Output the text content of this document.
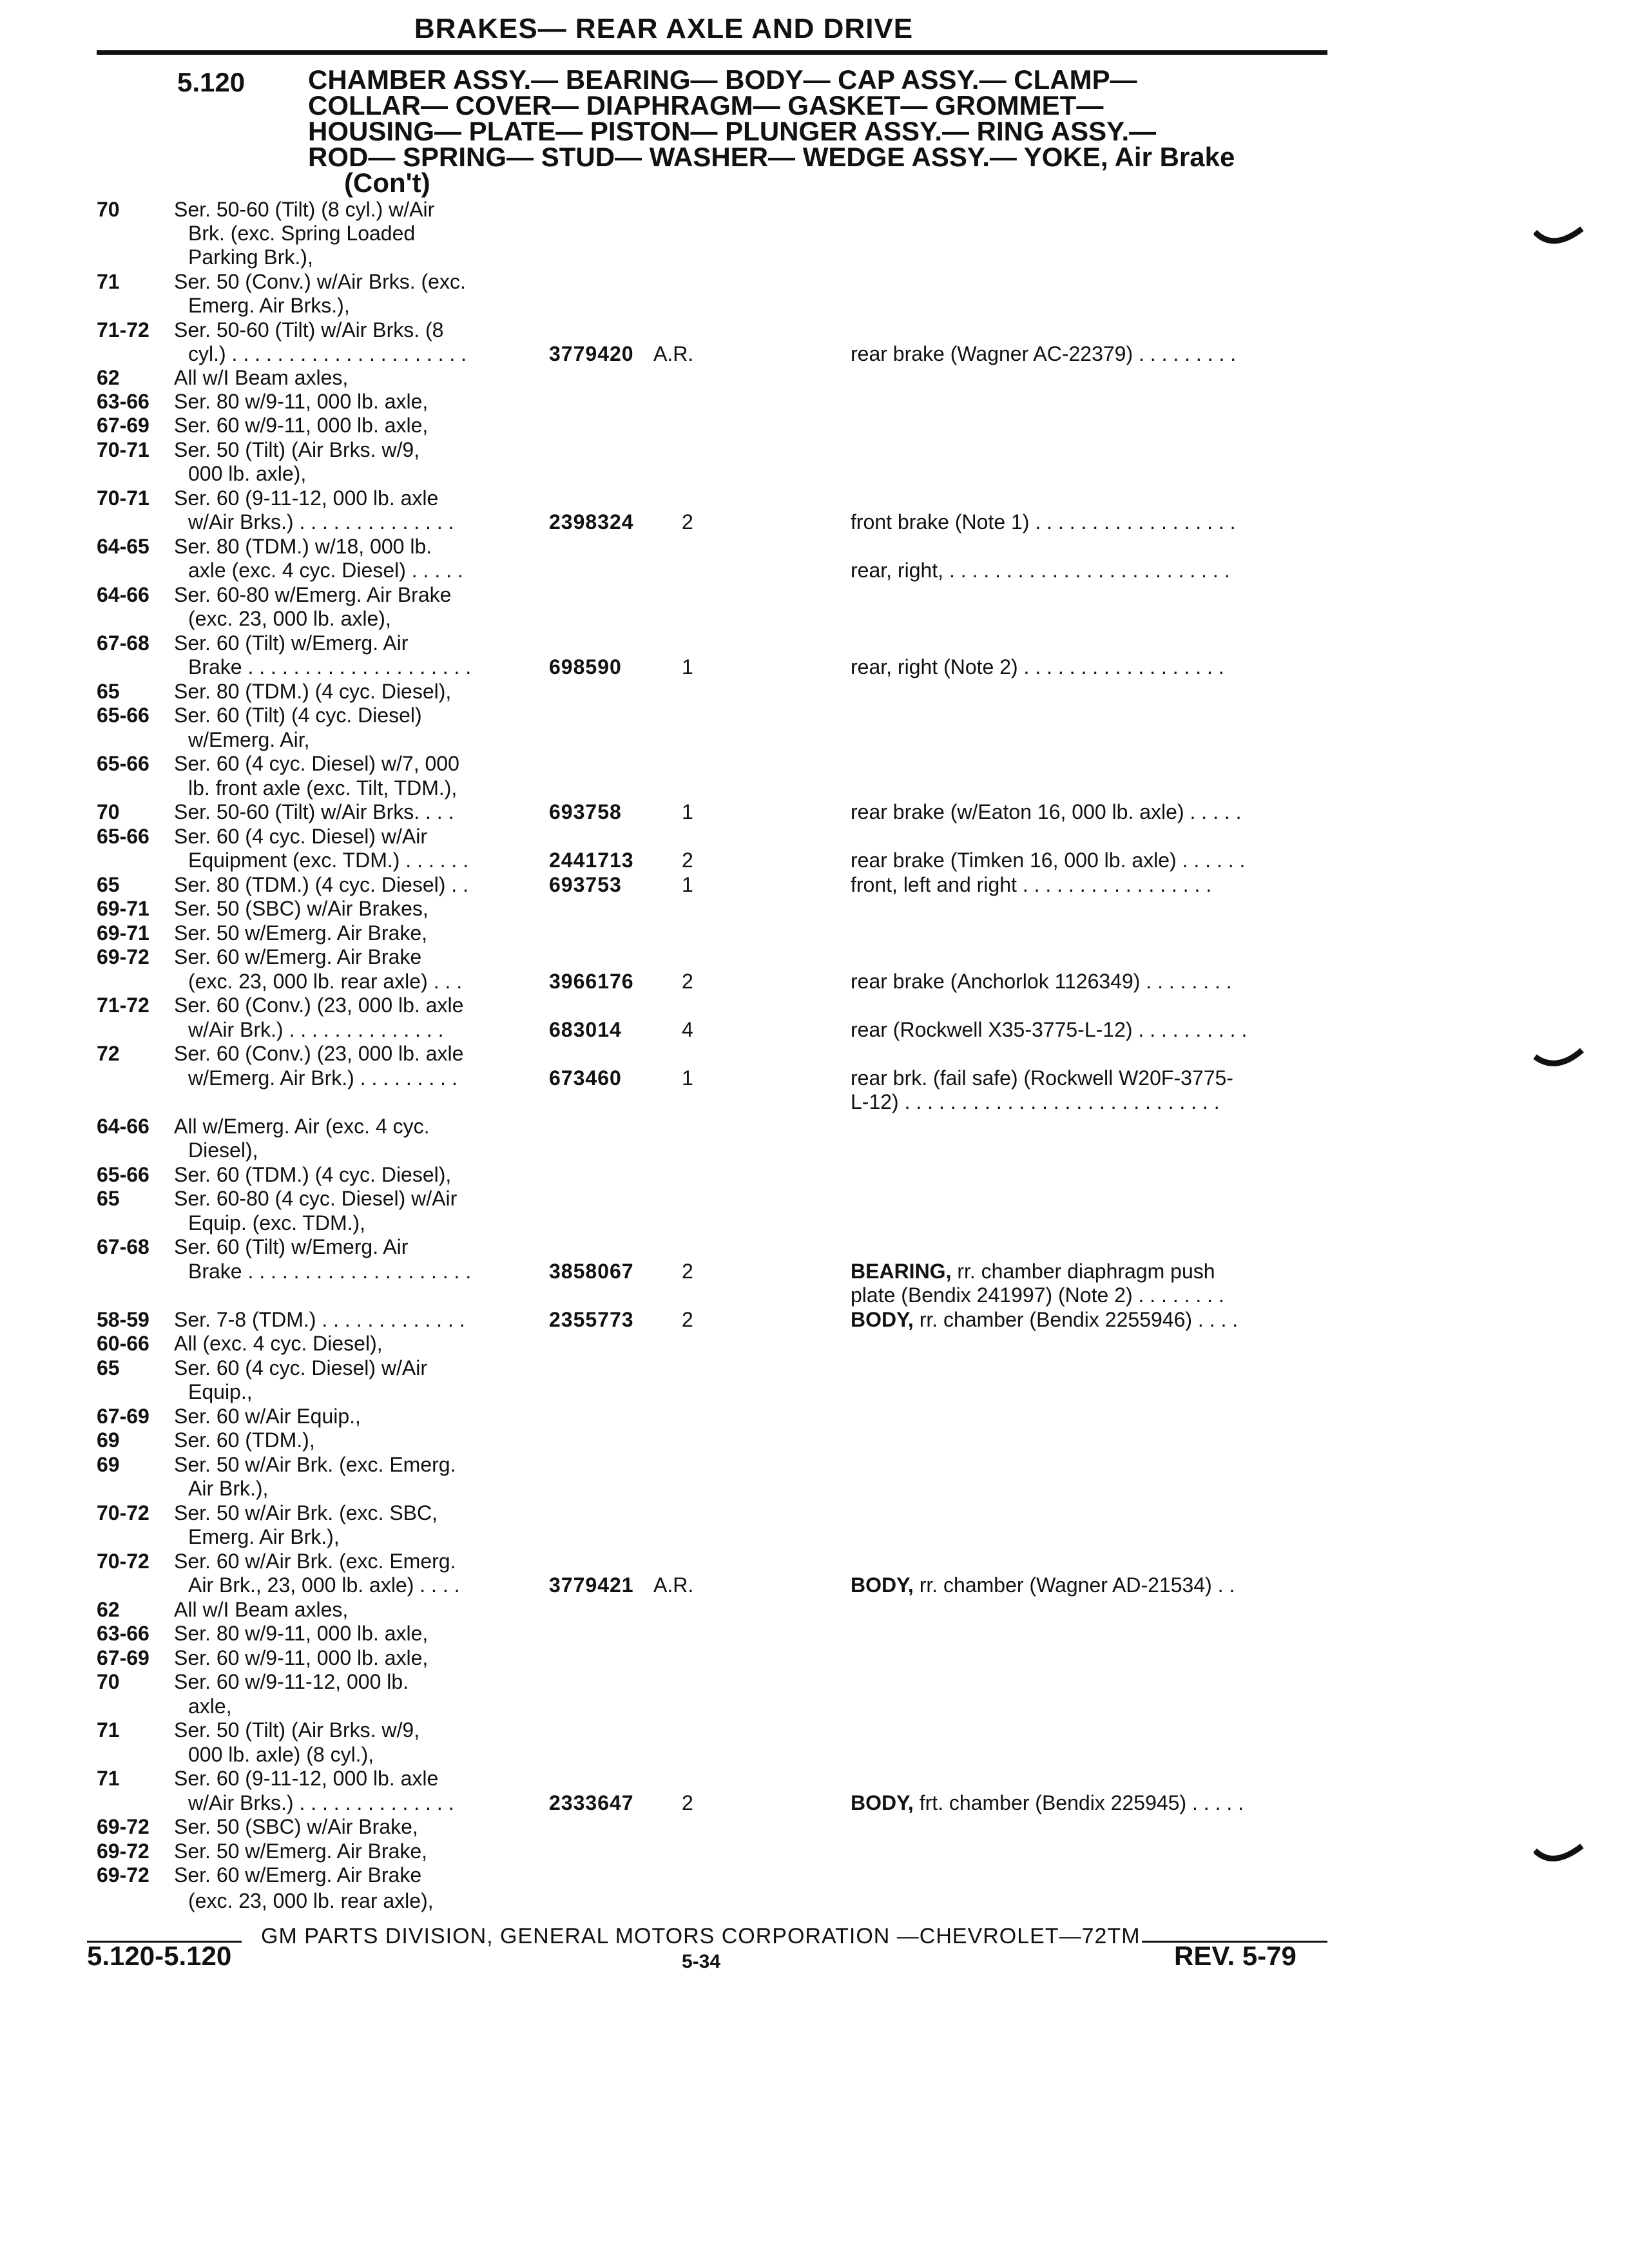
BRAKES— REAR AXLE AND DRIVE
5.120 CHAMBER ASSY.— BEARING— BODY— CAP ASSY.— CLAMP—
COLLAR— COVER— DIAPHRAGM— GASKET— GROMMET—
HOUSING— PLATE— PISTON— PLUNGER ASSY.— RING ASSY.—
ROD— SPRING— STUD— WASHER— WEDGE ASSY.— YOKE, Air Brake
(Con't)
70	Ser. 50-60 (Tilt) (8 cyl.) w/Air
Brk. (exc. Spring Loaded
Parking Brk.),
71	Ser. 50 (Conv.) w/Air Brks. (exc.
Emerg. Air Brks.),
71-72 Ser. 50-60 (Tilt) w/Air Brks. (8
cyl.) . . . . . . . . . . . . . . . . . . . . .	3779420 A.R.	rear brake (Wagner AC-22379) . . . . . . . . .
62	All w/I Beam axles,
63-66 Ser. 80 w/9-11, 000 lb. axle,
67-69 Ser. 60 w/9-11, 000 lb. axle,
70-71 Ser. 50 (Tilt) (Air Brks. w/9,
000 lb. axle),
70-71 Ser. 60 (9-11-12, 000 lb. axle
w/Air Brks.) . . . . . . . . . . . . . .	2398324 2	front brake (Note 1) . . . . . . . . . . . . . . . . . .
64-65 Ser. 80 (TDM.) w/18, 000 lb.
axle (exc. 4 cyc. Diesel) . . . . .	rear, right, . . . . . . . . . . . . . . . . . . . . . . . . .
64-66 Ser. 60-80 w/Emerg. Air Brake
(exc. 23, 000 lb. axle),
67-68 Ser. 60 (Tilt) w/Emerg. Air
Brake . . . . . . . . . . . . . . . . . . . .	698590	1	rear, right (Note 2) . . . . . . . . . . . . . . . . . .
65	Ser. 80 (TDM.) (4 cyc. Diesel),
65-66 Ser. 60 (Tilt) (4 cyc. Diesel)
w/Emerg. Air,
65-66 Ser. 60 (4 cyc. Diesel) w/7, 000
lb. front axle (exc. Tilt, TDM.),
70	Ser. 50-60 (Tilt) w/Air Brks. . . .	693758	1	rear brake (w/Eaton 16, 000 lb. axle) . . . . .
65-66 Ser. 60 (4 cyc. Diesel) w/Air
Equipment (exc. TDM.) . . . . . .	2441713 2	rear brake (Timken 16, 000 lb. axle) . . . . . .
65	Ser. 80 (TDM.) (4 cyc. Diesel) . .	693753	1	front, left and right . . . . . . . . . . . . . . . . .
69-71 Ser. 50 (SBC) w/Air Brakes,
69-71 Ser. 50 w/Emerg. Air Brake,
69-72 Ser. 60 w/Emerg. Air Brake
(exc. 23, 000 lb. rear axle) . . .	3966176 2	rear brake (Anchorlok 1126349) . . . . . . . .
71-72 Ser. 60 (Conv.) (23, 000 lb. axle
w/Air Brk.) . . . . . . . . . . . . . .	683014	4	rear (Rockwell X35-3775-L-12) . . . . . . . . . .
72	Ser. 60 (Conv.) (23, 000 lb. axle
w/Emerg. Air Brk.) . . . . . . . . .	673460	1	rear brk. (fail safe) (Rockwell W20F-3775-
L-12) . . . . . . . . . . . . . . . . . . . . . . . . . . . .
64-66 All w/Emerg. Air (exc. 4 cyc.
Diesel),
65-66 Ser. 60 (TDM.) (4 cyc. Diesel),
65	Ser. 60-80 (4 cyc. Diesel) w/Air
Equip. (exc. TDM.),
67-68 Ser. 60 (Tilt) w/Emerg. Air
Brake . . . . . . . . . . . . . . . . . . . .	3858067 2	BEARING, rr. chamber diaphragm push
plate (Bendix 241997) (Note 2) . . . . . . . .
58-59 Ser. 7-8 (TDM.) . . . . . . . . . . . . .	2355773 2	BODY, rr. chamber (Bendix 2255946) . . . .
60-66 All (exc. 4 cyc. Diesel),
65	Ser. 60 (4 cyc. Diesel) w/Air
Equip.,
67-69 Ser. 60 w/Air Equip.,
69	Ser. 60 (TDM.),
69	Ser. 50 w/Air Brk. (exc. Emerg.
Air Brk.),
70-72 Ser. 50 w/Air Brk. (exc. SBC,
Emerg. Air Brk.),
70-72 Ser. 60 w/Air Brk. (exc. Emerg.
Air Brk., 23, 000 lb. axle) . . . .	3779421 A.R.	BODY, rr. chamber (Wagner AD-21534) . .
62	All w/I Beam axles,
63-66 Ser. 80 w/9-11, 000 lb. axle,
67-69 Ser. 60 w/9-11, 000 lb. axle,
70	Ser. 60 w/9-11-12, 000 lb.
axle,
71	Ser. 50 (Tilt) (Air Brks. w/9,
000 lb. axle) (8 cyl.),
71	Ser. 60 (9-11-12, 000 lb. axle
w/Air Brks.) . . . . . . . . . . . . . .	2333647 2	BODY, frt. chamber (Bendix 225945) . . . . .
69-72 Ser. 50 (SBC) w/Air Brake,
69-72 Ser. 50 w/Emerg. Air Brake,
69-72 Ser. 60 w/Emerg. Air Brake
(exc. 23, 000 lb. rear axle),
GM PARTS DIVISION, GENERAL MOTORS CORPORATION —CHEVROLET—72TM
5.120-5.120	5-34	REV. 5-79
